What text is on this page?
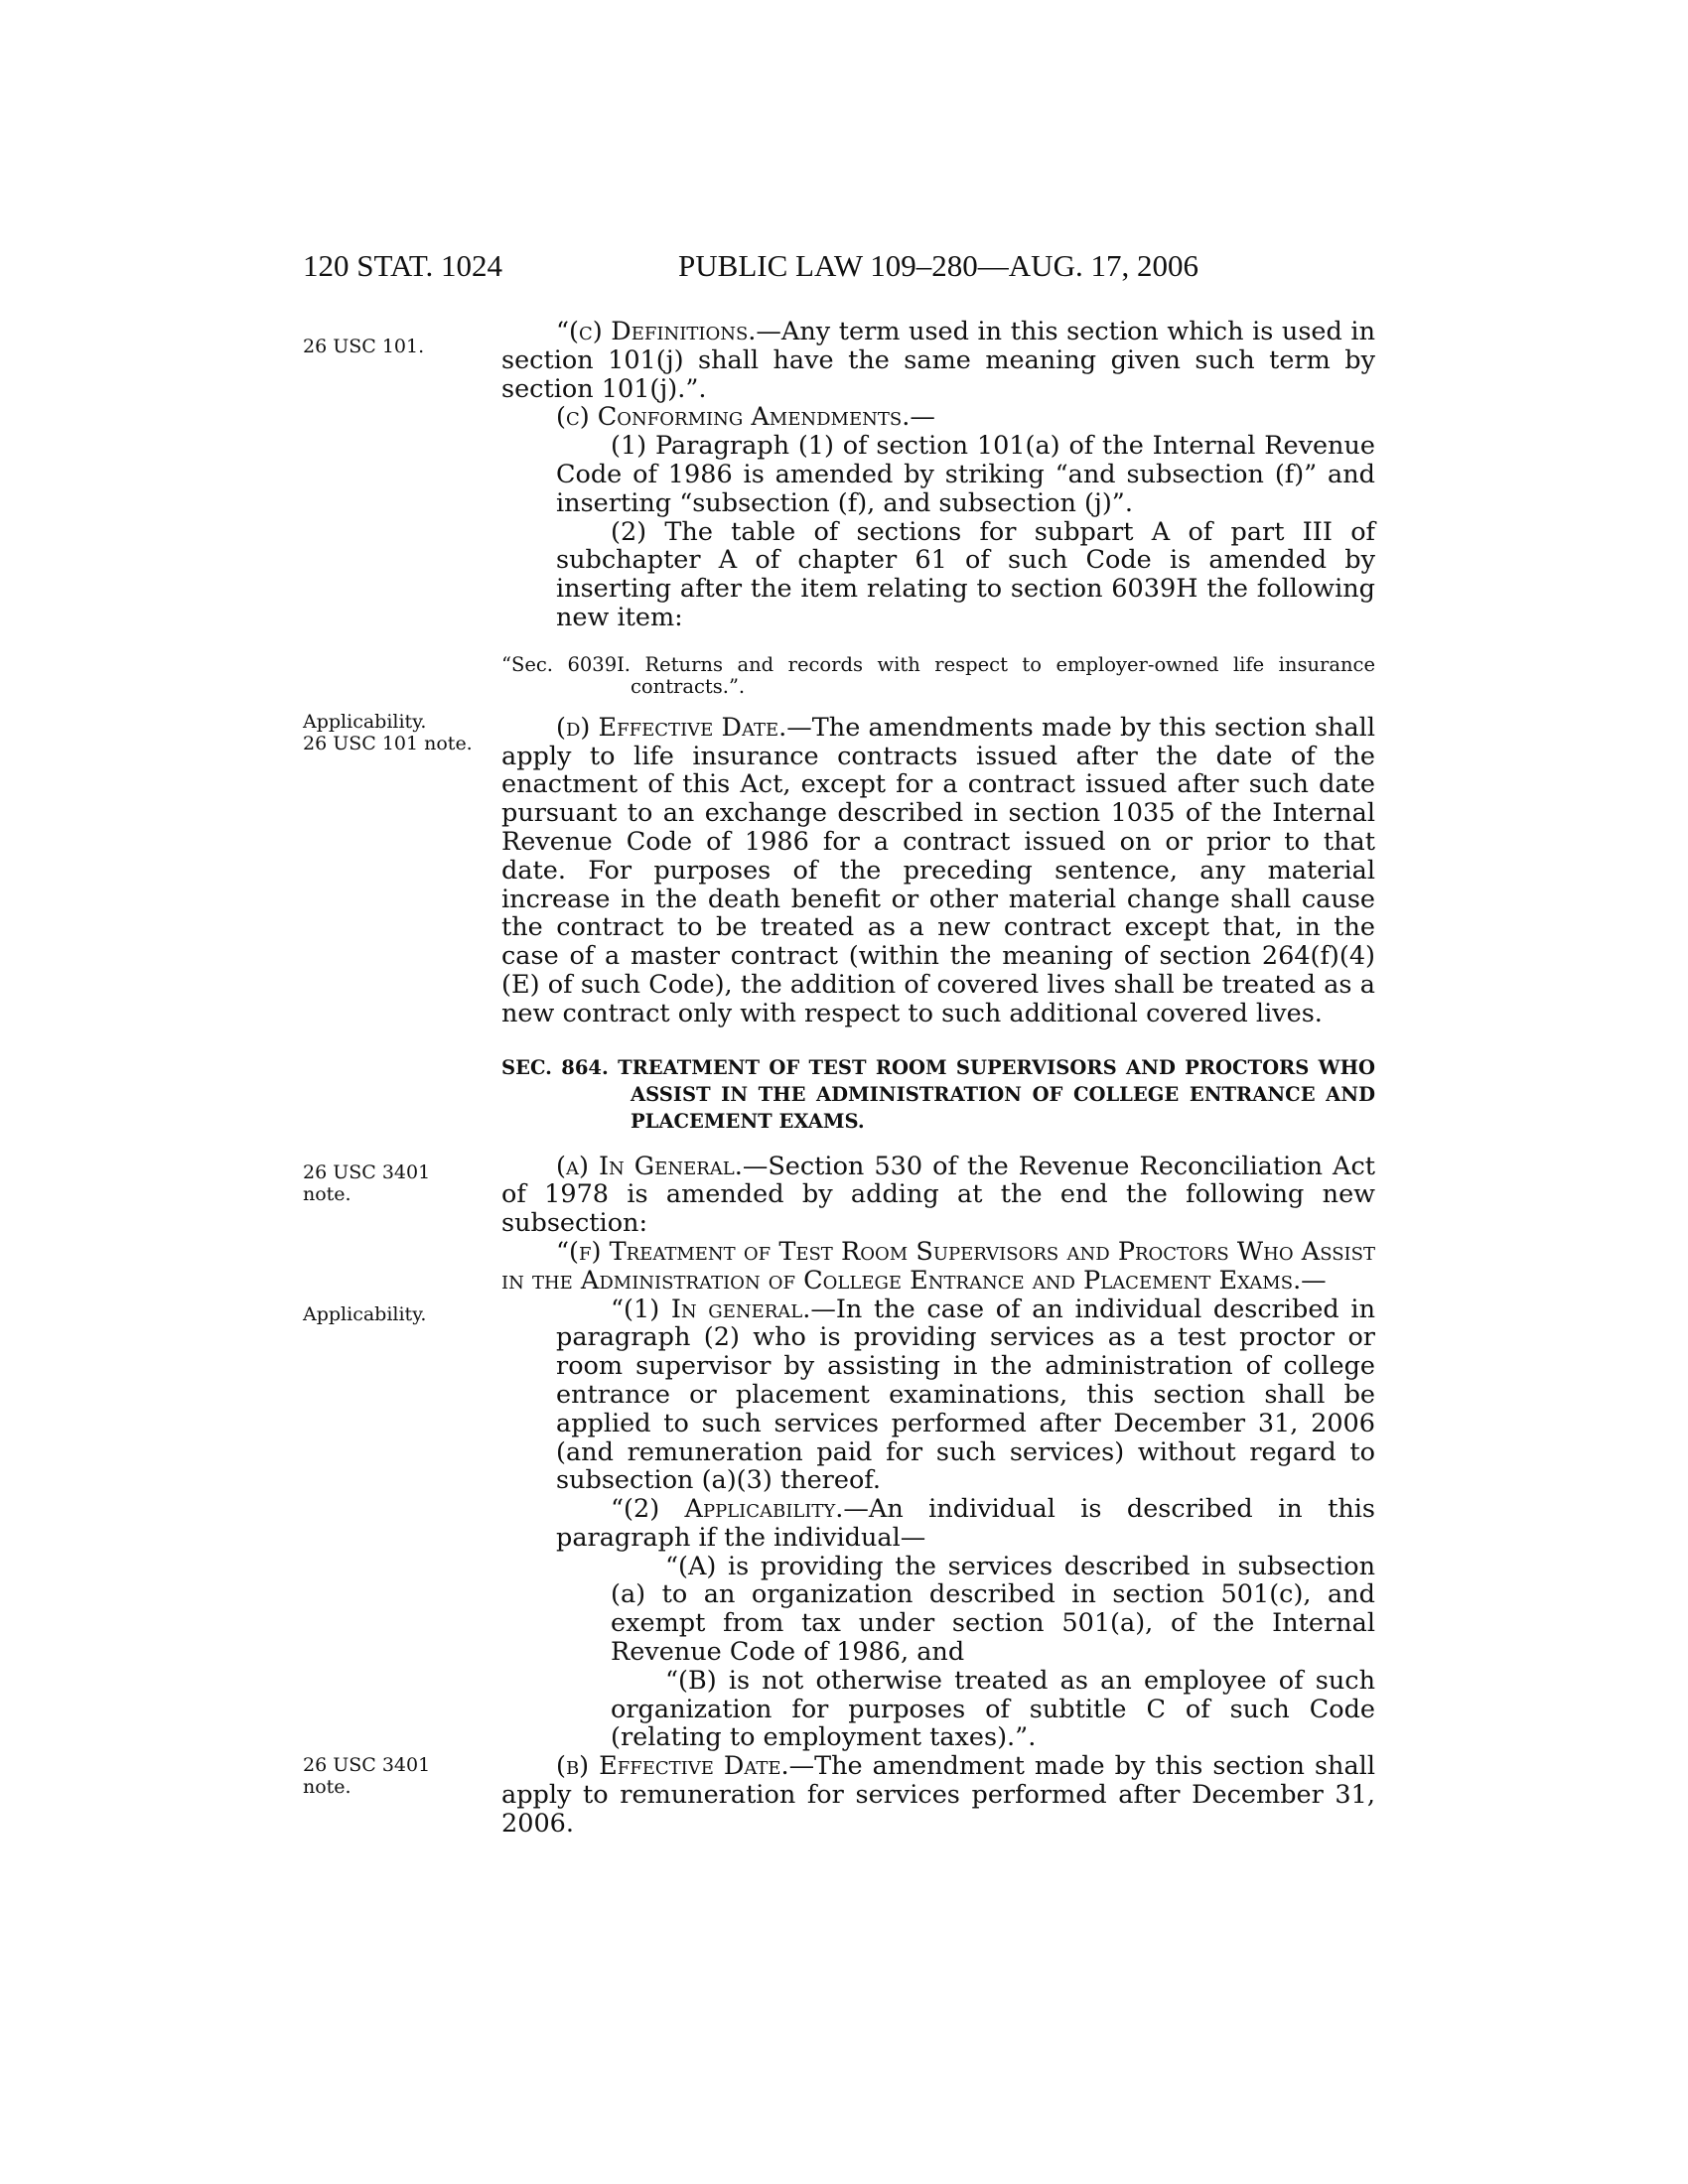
120 STAT. 1024	PUBLIC LAW 109–280—AUG. 17, 2006
26 USC 101.
Applicability.
26 USC 101 note.
26 USC 3401
note.
Applicability.
26 USC 3401
note.

“(c) Definitions.—Any term used in this section which is used in section 101(j) shall have the same meaning given such term by section 101(j).”.

(c) Conforming Amendments.—

(1) Paragraph (1) of section 101(a) of the Internal Revenue Code of 1986 is amended by striking “and subsection (f)” and inserting “subsection (f), and subsection (j)”.

(2) The table of sections for subpart A of part III of subchapter A of chapter 61 of such Code is amended by inserting after the item relating to section 6039H the following new item:

“Sec. 6039I. Returns and records with respect to employer-owned life insurance contracts.”.

(d) Effective Date.—The amendments made by this section shall apply to life insurance contracts issued after the date of the enactment of this Act, except for a contract issued after such date pursuant to an exchange described in section 1035 of the Internal Revenue Code of 1986 for a contract issued on or prior to that date. For purposes of the preceding sentence, any material increase in the death benefit or other material change shall cause the contract to be treated as a new contract except that, in the case of a master contract (within the meaning of section 264(f)(4)(E) of such Code), the addition of covered lives shall be treated as a new contract only with respect to such additional covered lives.

SEC. 864. TREATMENT OF TEST ROOM SUPERVISORS AND PROCTORS WHO ASSIST IN THE ADMINISTRATION OF COLLEGE ENTRANCE AND PLACEMENT EXAMS.

(a) In General.—Section 530 of the Revenue Reconciliation Act of 1978 is amended by adding at the end the following new subsection:

“(f) Treatment of Test Room Supervisors and Proctors Who Assist in the Administration of College Entrance and Placement Exams.—

“(1) In general.—In the case of an individual described in paragraph (2) who is providing services as a test proctor or room supervisor by assisting in the administration of college entrance or placement examinations, this section shall be applied to such services performed after December 31, 2006 (and remuneration paid for such services) without regard to subsection (a)(3) thereof.

“(2) Applicability.—An individual is described in this paragraph if the individual—

“(A) is providing the services described in subsection (a) to an organization described in section 501(c), and exempt from tax under section 501(a), of the Internal Revenue Code of 1986, and

“(B) is not otherwise treated as an employee of such organization for purposes of subtitle C of such Code (relating to employment taxes).”.

(b) Effective Date.—The amendment made by this section shall apply to remuneration for services performed after December 31, 2006.
